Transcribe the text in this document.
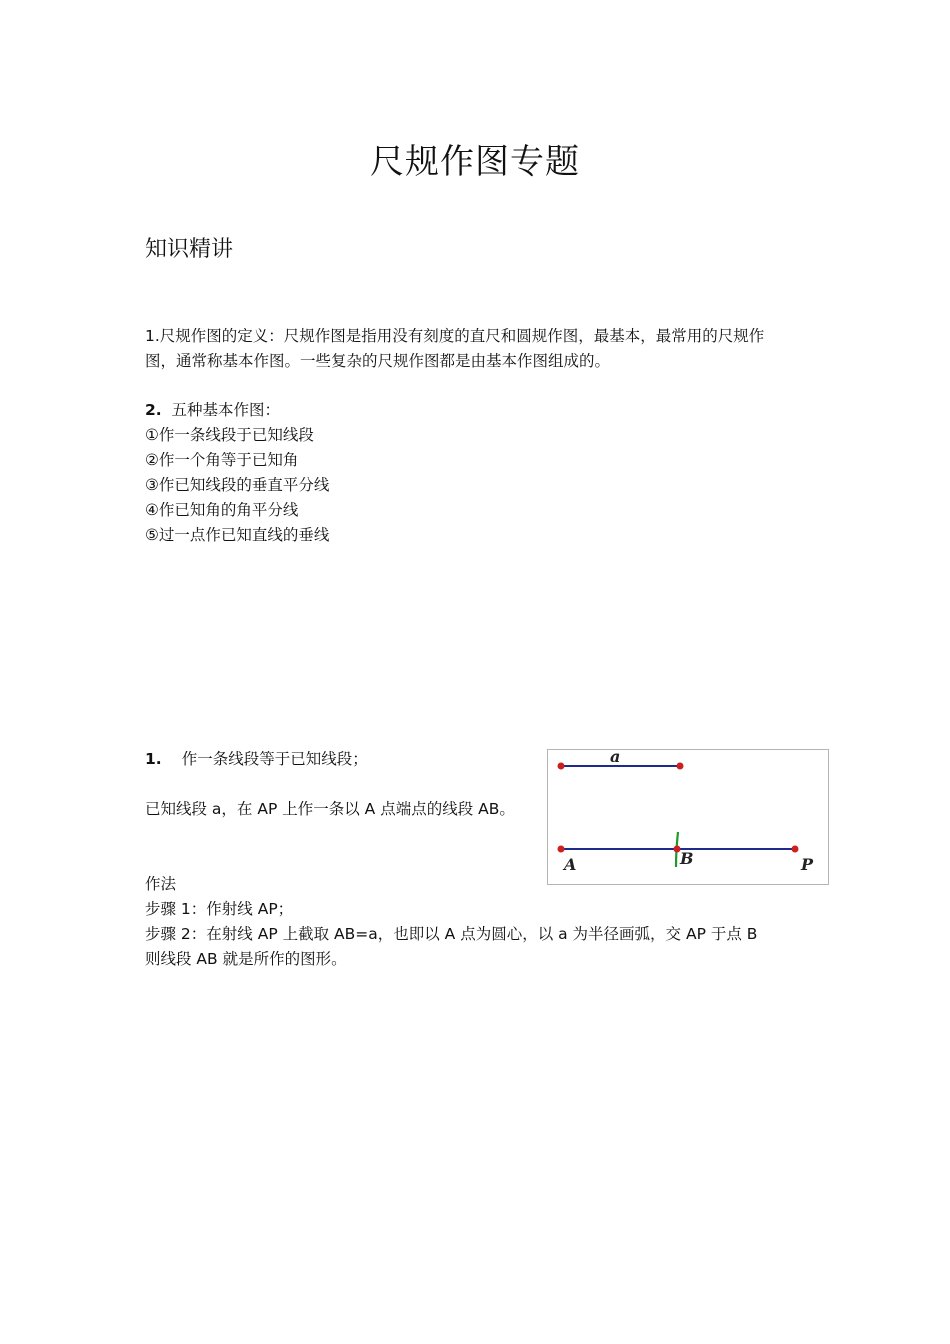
尺规作图专题
知识精讲
1.尺规作图的定义：尺规作图是指用没有刻度的直尺和圆规作图，最基本，最常用的尺规作
图，通常称基本作图。一些复杂的尺规作图都是由基本作图组成的。
2. 五种基本作图：
①作一条线段于已知线段
②作一个角等于已知角
③作已知线段的垂直平分线
④作已知角的角平分线
⑤过一点作已知直线的垂线
1. 作一条线段等于已知线段；
已知线段 a，在 AP 上作一条以 A 点端点的线段 AB。
作法
步骤 1：作射线 AP；
步骤 2：在射线 AP 上截取 AB=a，也即以 A 点为圆心，以 a 为半径画弧，交 AP 于点 B
则线段 AB 就是所作的图形。
a
A	B	P
